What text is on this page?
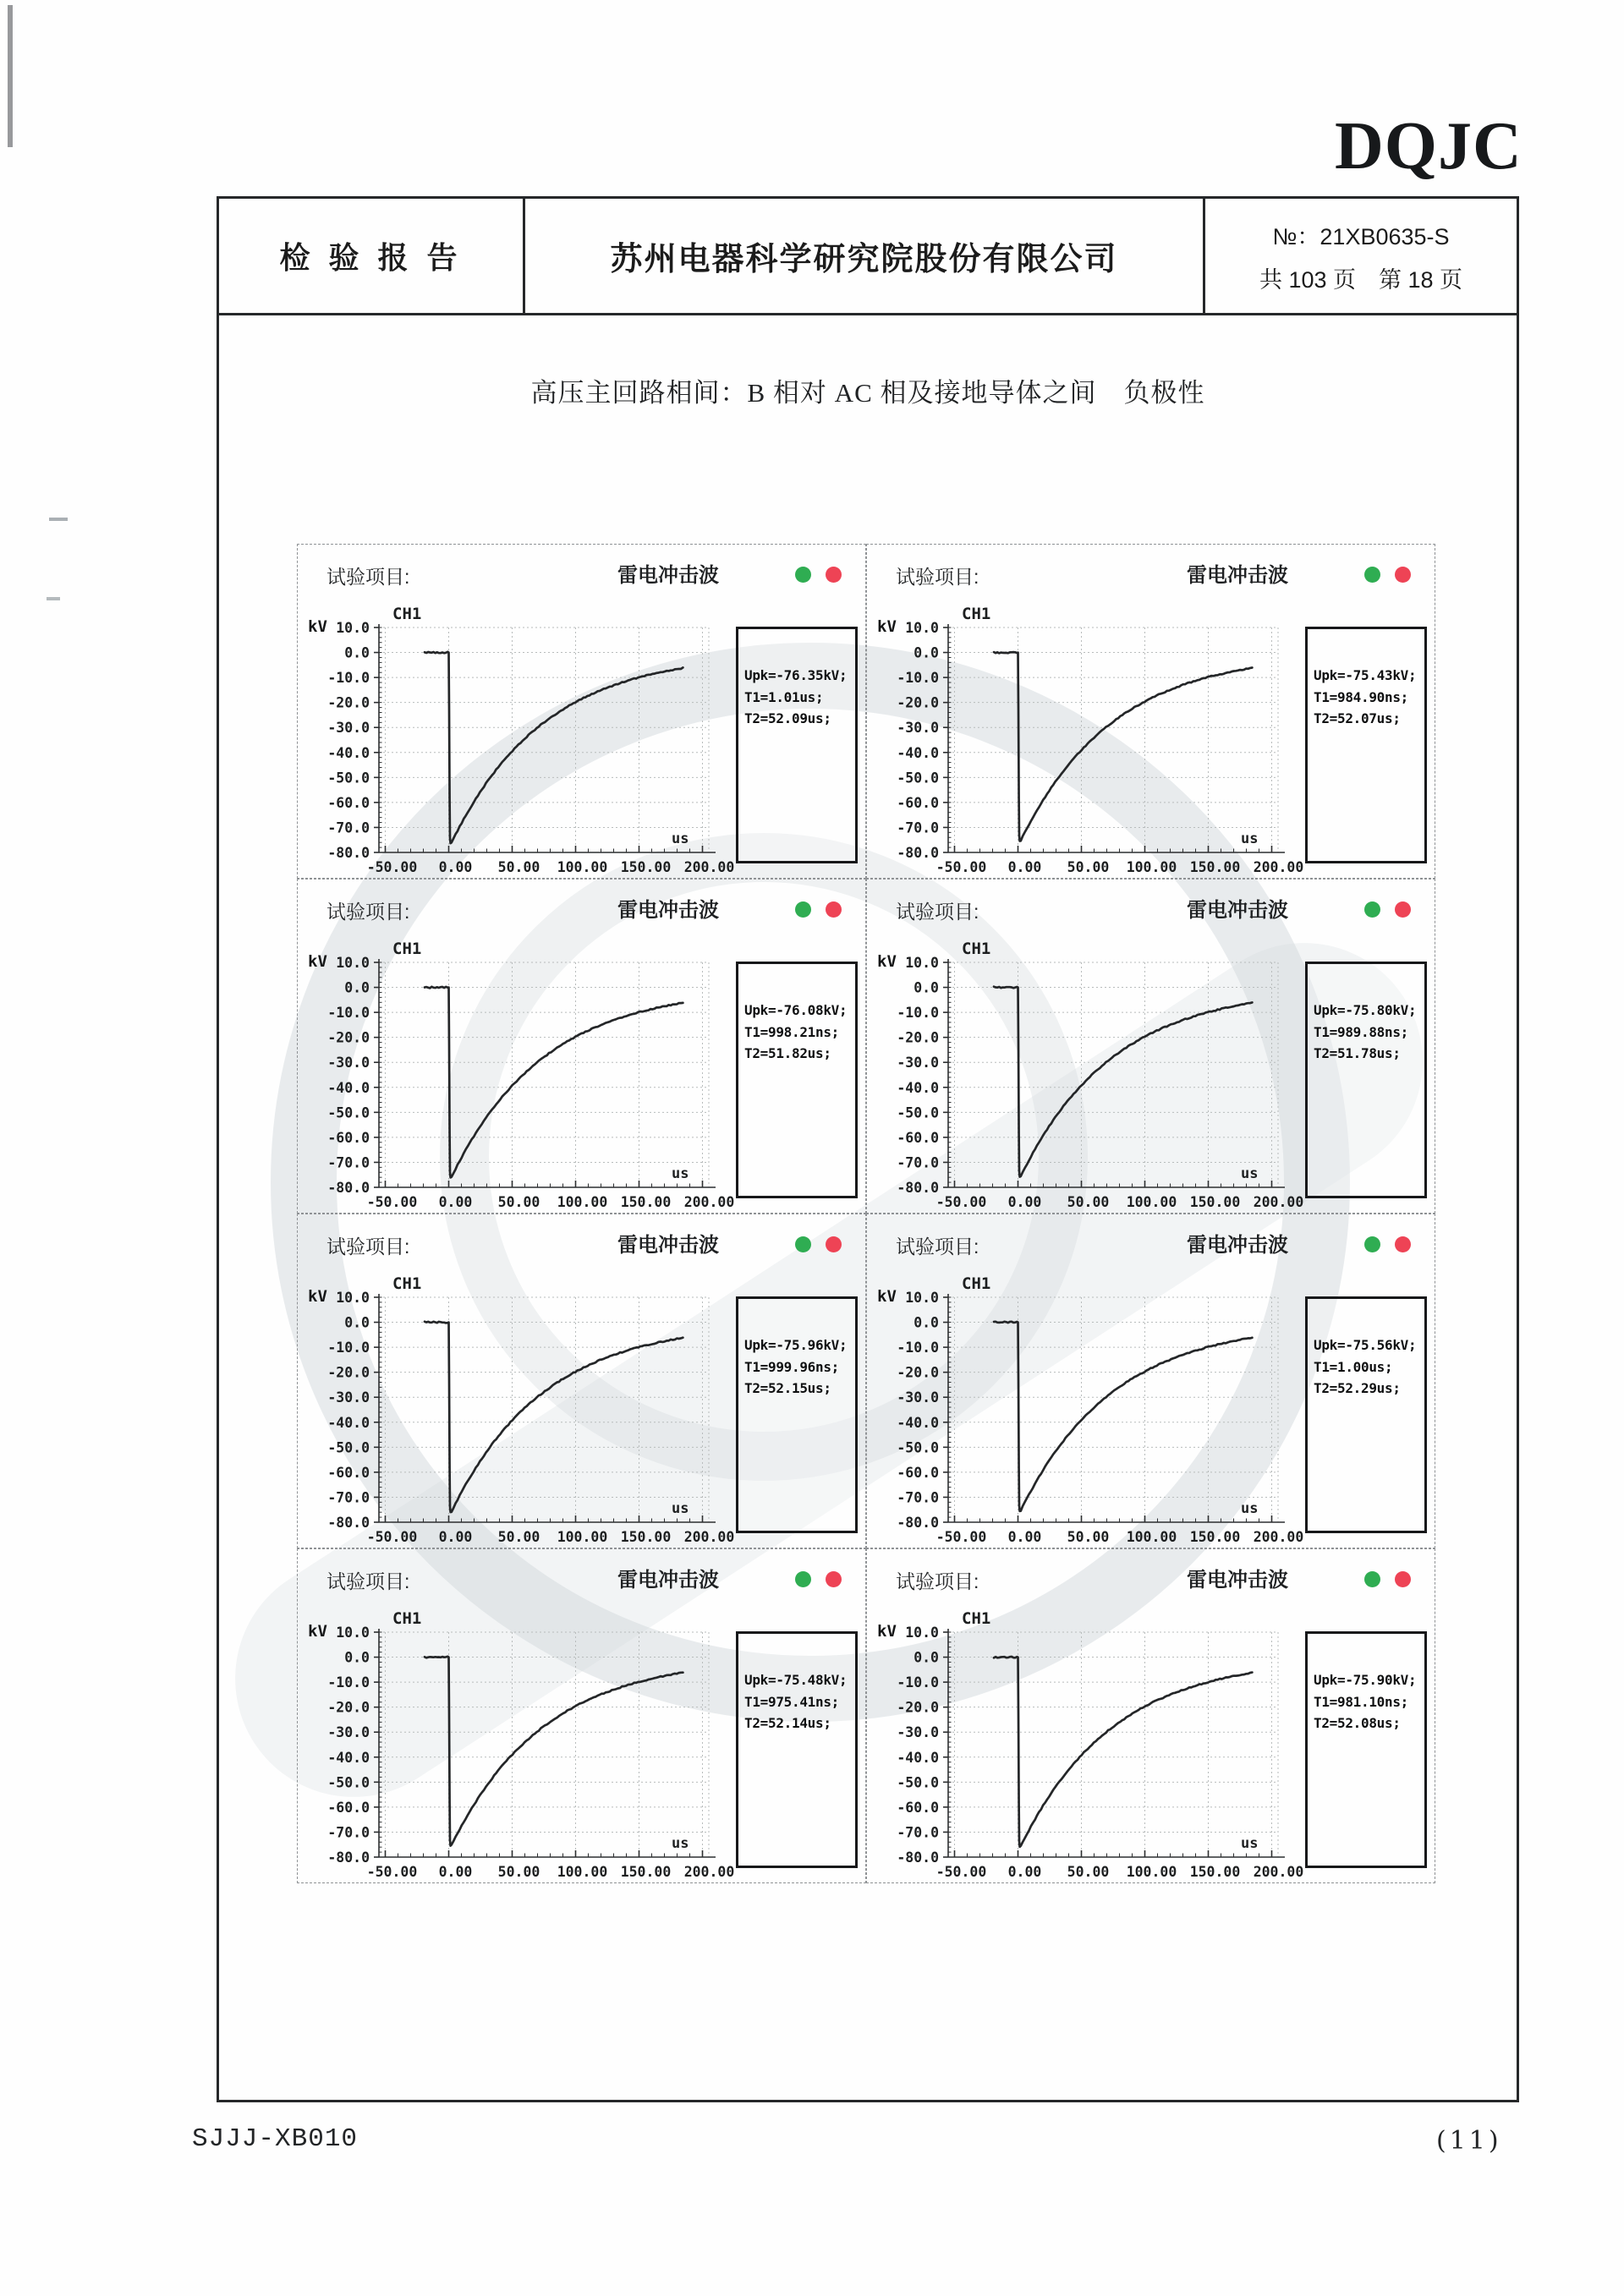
DQJC
检 验 报 告	苏州电器科学研究院股份有限公司
№：21XB0635-S
共 103 页　第 18 页
高压主回路相间：B 相对 AC 相及接地导体之间　负极性
试验项目:	雷电冲击波
kV 10.0
0.0
-10.0
-20.0
-30.0
-40.0
-50.0
-60.0
-70.0
-80.0
-50.00 0.00 50.00 100.00 150.00 200.00
CH1
us
Upk=-76.35kV;
T1=1.01us;
T2=52.09us;
试验项目:	雷电冲击波
kV 10.0
0.0
-10.0
-20.0
-30.0
-40.0
-50.0
-60.0
-70.0
-80.0
-50.00 0.00 50.00 100.00 150.00 200.00
CH1
us
Upk=-75.43kV;
T1=984.90ns;
T2=52.07us;
试验项目:	雷电冲击波
kV 10.0
0.0
-10.0
-20.0
-30.0
-40.0
-50.0
-60.0
-70.0
-80.0
-50.00 0.00 50.00 100.00 150.00 200.00
CH1
us
Upk=-76.08kV;
T1=998.21ns;
T2=51.82us;
试验项目:	雷电冲击波
kV 10.0
0.0
-10.0
-20.0
-30.0
-40.0
-50.0
-60.0
-70.0
-80.0
-50.00 0.00 50.00 100.00 150.00 200.00
CH1
us
Upk=-75.80kV;
T1=989.88ns;
T2=51.78us;
试验项目:	雷电冲击波
kV 10.0
0.0
-10.0
-20.0
-30.0
-40.0
-50.0
-60.0
-70.0
-80.0
-50.00 0.00 50.00 100.00 150.00 200.00
CH1
us
Upk=-75.96kV;
T1=999.96ns;
T2=52.15us;
试验项目:	雷电冲击波
kV 10.0
0.0
-10.0
-20.0
-30.0
-40.0
-50.0
-60.0
-70.0
-80.0
-50.00 0.00 50.00 100.00 150.00 200.00
CH1
us
Upk=-75.56kV;
T1=1.00us;
T2=52.29us;
试验项目:	雷电冲击波
kV 10.0
0.0
-10.0
-20.0
-30.0
-40.0
-50.0
-60.0
-70.0
-80.0
-50.00 0.00 50.00 100.00 150.00 200.00
CH1
us
Upk=-75.48kV;
T1=975.41ns;
T2=52.14us;
试验项目:	雷电冲击波
kV 10.0
0.0
-10.0
-20.0
-30.0
-40.0
-50.0
-60.0
-70.0
-80.0
-50.00 0.00 50.00 100.00 150.00 200.00
CH1
us
Upk=-75.90kV;
T1=981.10ns;
T2=52.08us;
SJJJ-XB010	(11)
